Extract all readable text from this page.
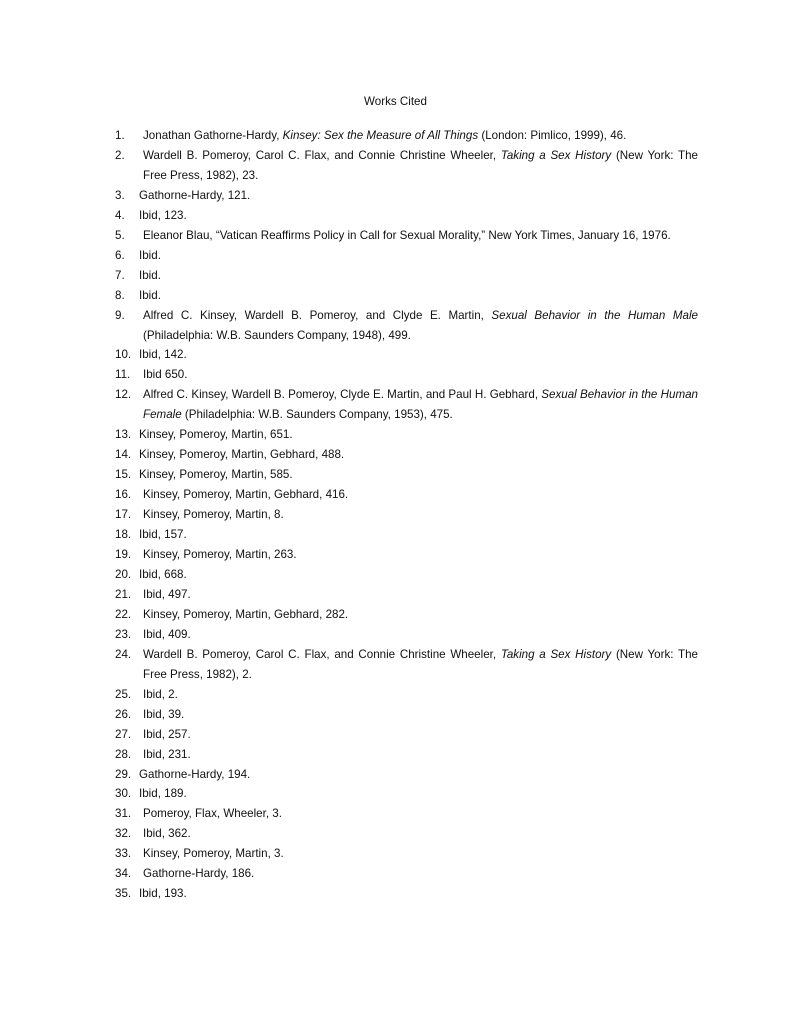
Works Cited
1.	Jonathan Gathorne-Hardy, Kinsey: Sex the Measure of All Things (London: Pimlico, 1999), 46.
2.	Wardell B. Pomeroy, Carol C. Flax, and Connie Christine Wheeler, Taking a Sex History (New York: The Free Press, 1982), 23.
3.	Gathorne-Hardy, 121.
4.	Ibid, 123.
5.	Eleanor Blau, “Vatican Reaffirms Policy in Call for Sexual Morality,” New York Times, January 16, 1976.
6.	Ibid.
7.	Ibid.
8.	Ibid.
9.	Alfred C. Kinsey, Wardell B. Pomeroy, and Clyde E. Martin, Sexual Behavior in the Human Male (Philadelphia: W.B. Saunders Company, 1948), 499.
10. Ibid, 142.
11.	Ibid 650.
12.	Alfred C. Kinsey, Wardell B. Pomeroy, Clyde E. Martin, and Paul H. Gebhard, Sexual Behavior in the Human Female (Philadelphia: W.B. Saunders Company, 1953), 475.
13. Kinsey, Pomeroy, Martin, 651.
14. Kinsey, Pomeroy, Martin, Gebhard, 488.
15. Kinsey, Pomeroy, Martin, 585.
16.	Kinsey, Pomeroy, Martin, Gebhard, 416.
17.	Kinsey, Pomeroy, Martin, 8.
18. Ibid, 157.
19.	Kinsey, Pomeroy, Martin, 263.
20. Ibid, 668.
21.	Ibid, 497.
22.	Kinsey, Pomeroy, Martin, Gebhard, 282.
23.	Ibid, 409.
24.	Wardell B. Pomeroy, Carol C. Flax, and Connie Christine Wheeler, Taking a Sex History (New York: The Free Press, 1982), 2.
25.	Ibid, 2.
26.	Ibid, 39.
27.	Ibid, 257.
28.	Ibid, 231.
29. Gathorne-Hardy, 194.
30. Ibid, 189.
31.	Pomeroy, Flax, Wheeler, 3.
32.	Ibid, 362.
33.	Kinsey, Pomeroy, Martin, 3.
34.	Gathorne-Hardy, 186.
35. Ibid, 193.
